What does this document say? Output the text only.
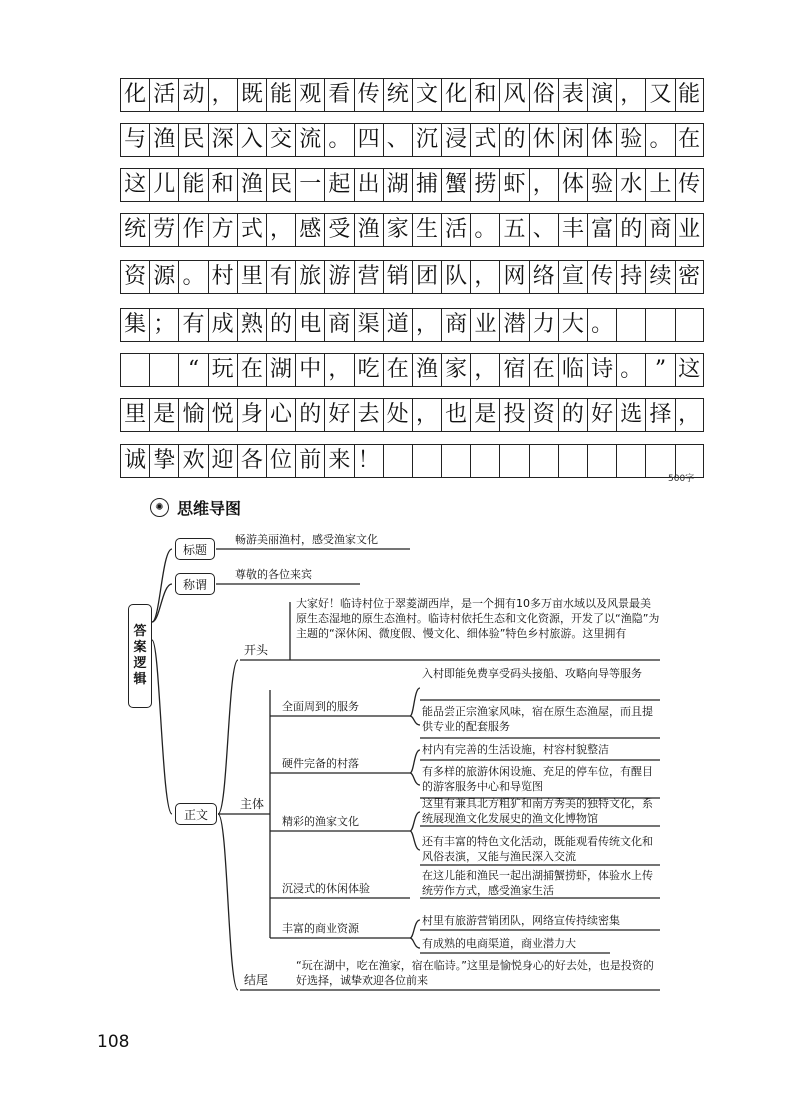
化 活 动 ， 既 能 观 看 传 统 文 化 和 风 俗 表 演 ， 又 能
与 渔 民 深 入 交 流 。 四 、 沉 浸 式 的 休 闲 体 验 。 在
这 儿 能 和 渔 民 一 起 出 湖 捕 蟹 捞 虾 ， 体 验 水 上 传
统 劳 作 方 式 ， 感 受 渔 家 生 活 。 五 、 丰 富 的 商 业
资 源 。 村 里 有 旅 游 营 销 团 队 ， 网 络 宣 传 持 续 密
集 ； 有 成 熟 的 电 商 渠 道 ， 商 业 潜 力 大 。
“ 玩 在 湖 中 ， 吃 在 渔 家 ， 宿 在 临 诗 。 ” 这
里 是 愉 悦 身 心 的 好 去 处 ， 也 是 投 资 的 好 选 择 ，
诚 挚 欢 迎 各 位 前 来 ！
500字
✺ 思维导图
答
案
逻
辑
标题
畅游美丽渔村，感受渔家文化
称谓
尊敬的各位来宾
开头
大家好！临诗村位于翠菱湖西岸，是一个拥有10多万亩水域以及风景最美原生态湿地的原生态渔村。临诗村依托生态和文化资源，开发了以“渔隐”为主题的“深休闲、微度假、慢文化、细体验”特色乡村旅游。这里拥有
正文
主体
全面周到的服务
入村即能免费享受码头接船、攻略向导等服务
能品尝正宗渔家风味，宿在原生态渔屋，而且提供专业的配套服务
硬件完备的村落
村内有完善的生活设施，村容村貌整洁
有多样的旅游休闲设施、充足的停车位，有醒目的游客服务中心和导览图
精彩的渔家文化
这里有兼具北方粗犷和南方秀美的独特文化，系统展现渔文化发展史的渔文化博物馆
还有丰富的特色文化活动，既能观看传统文化和风俗表演，又能与渔民深入交流
沉浸式的休闲体验
在这儿能和渔民一起出湖捕蟹捞虾，体验水上传统劳作方式，感受渔家生活
丰富的商业资源
村里有旅游营销团队，网络宣传持续密集
有成熟的电商渠道，商业潜力大
结尾
“玩在湖中，吃在渔家，宿在临诗。”这里是愉悦身心的好去处，也是投资的好选择，诚挚欢迎各位前来
108
